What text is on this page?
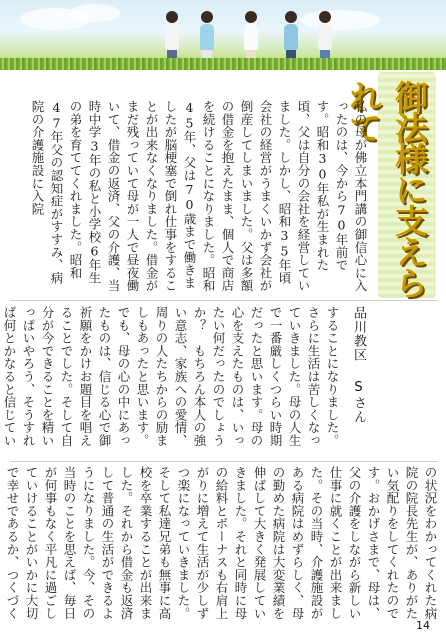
御法様に支えられて
品川教区Sさん
私の母が佛立本門講の御信心に入ったのは、今から70年前です。昭和30年私が生まれた頃、父は自分の会社を経営していました。しかし、昭和35年頃会社の経営がうまくいかず会社が倒産してしまいました。父は多額の借金を抱えたまま、個人で商店を続けることになりました。昭和45年、父は70歳まで働きましたが脳梗塞で倒れ仕事をすることが出来なくなりました。借金がまだ残っていて母が一人で昼夜働いて、借金の返済、父の介護、当時中学3年の私と小学校6年生の弟を育ててくれました。昭和47年父の認知症がすすみ、病院の介護施設に入院
することになりました。さらに生活は苦しくなっていきました。母の人生で一番厳しくつらい時期だったと思います。母の心を支えたものは、いったい何だったのでしょうか？　もちろん本人の強い意志、家族への愛情、周りの人たちからの励ましもあったと思います。でも、母の心の中にあったものは、信じる心で御祈願をかけお題目を唱えることでした。そして自分が今できることを精いっぱいやろう、そうすれば何とかなると信じてい
の状況をわかってくれた病院の院長先生が、ありがたい気配りをしてくれたのです。おかげさまで、母は、父の介護をしながら新しい仕事に就くことが出来ました。その当時、介護施設がある病院はめずらしく、母の勤めた病院は大変業績を伸ばして大きく発展していきました。それと同時に母の給料とボーナスも右肩上がりに増えて生活が少しずつ楽になっていきました。そして私達兄弟も無事に高校を卒業することが出来ました。それから借金も返済して普通の生活ができるようになりました。今、その当時のことを思えば、毎日が何事もなく平凡に過ごしていけることがいかに大切で幸せであるか、つくづく
14
